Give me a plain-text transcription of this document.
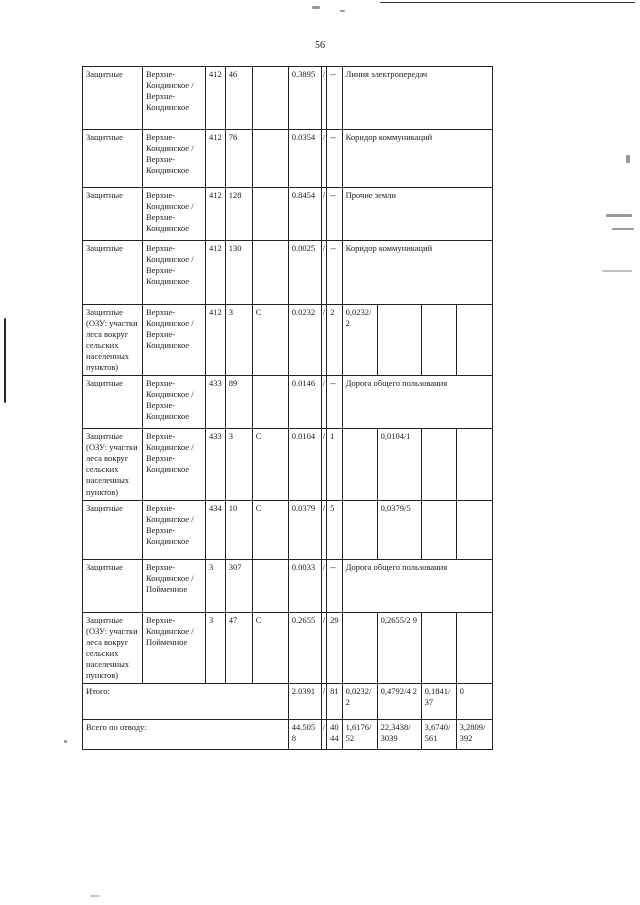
56
Защитные	Верхне-Кондинское / Верхне-Кондинское	412	46		0.3895	/	--	Линия электропередач			
Защитные	Верхне-Кондинское / Верхне-Кондинское	412	76		0.0354	/	--	Коридор коммуникаций			
Защитные	Верхне-Кондинское / Верхне-Кондинское	412	128		0.8454	/	--	Прочие земли			
Защитные	Верхне-Кондинское / Верхне-Кондинское	412	130		0.0025	/	--	Коридор коммуникаций			
Защитные (ОЗУ: участки леса вокруг сельских населенных пунктов)	Верхне-Кондинское / Верхне-Кондинское	412	3	С	0.0232	/	2	0,0232/ 2			
Защитные	Верхне-Кондинское / Верхне-Кондинское	433	89		0.0146	/	--	Дорога общего пользования			
Защитные (ОЗУ: участки леса вокруг сельских населенных пунктов)	Верхне-Кондинское / Верхне-Кондинское	433	3	С	0.0104	/	1		0,0104/1		
Защитные	Верхне-Кондинское / Верхне-Кондинское	434	10	С	0.0379	/	5		0,0379/5		
Защитные	Верхне-Кондинское / Пойменное	3	307		0.0033	/	--	Дорога общего пользования			
Защитные (ОЗУ: участки леса вокруг сельских населенных пунктов)	Верхне-Кондинское / Пойменное	3	47	С	0.2655	/	29		0,2655/2 9		
Итого:					2.0391	/	81	0,0232/ 2	0,4792/4 2	0,1841/ 37	0
Всего по отводу:					44.505 8	/	40 44	1,6176/ 52	22,3438/ 3039	3,6740/ 561	3,2809/ 392
